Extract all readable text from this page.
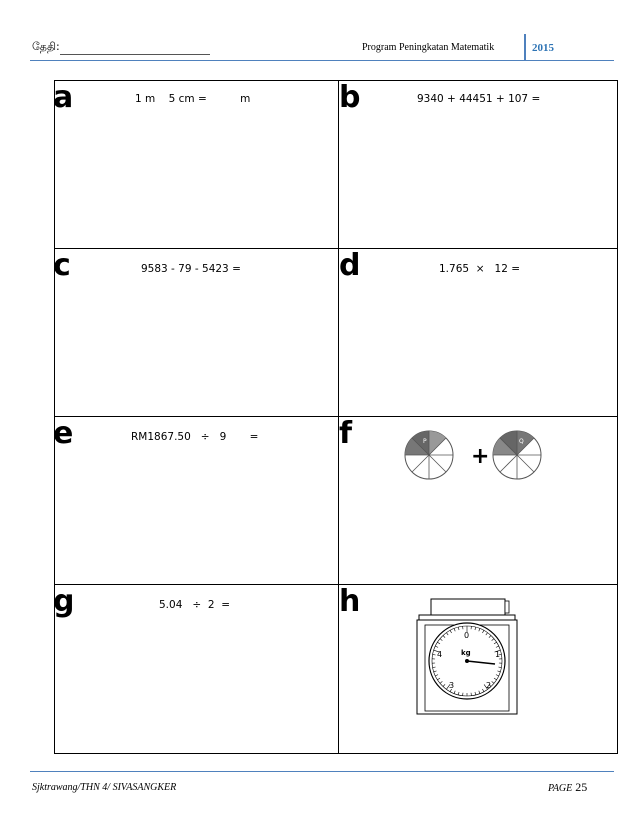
தேதி:	Program Peningkatan Matematik	2015
a	1 m    5 cm =          m	b	9340 + 44451 + 107 =
c	9583 - 79 - 5423 =	d	1.765  ×   12 =
e	RM1867.50   ÷   9       =	f	P
+
Q
g	5.04   ÷  2  =	h
0
1
2
3
4	kg
Sjktrawang/THN 4/ SIVASANGKER	PAGE 25
